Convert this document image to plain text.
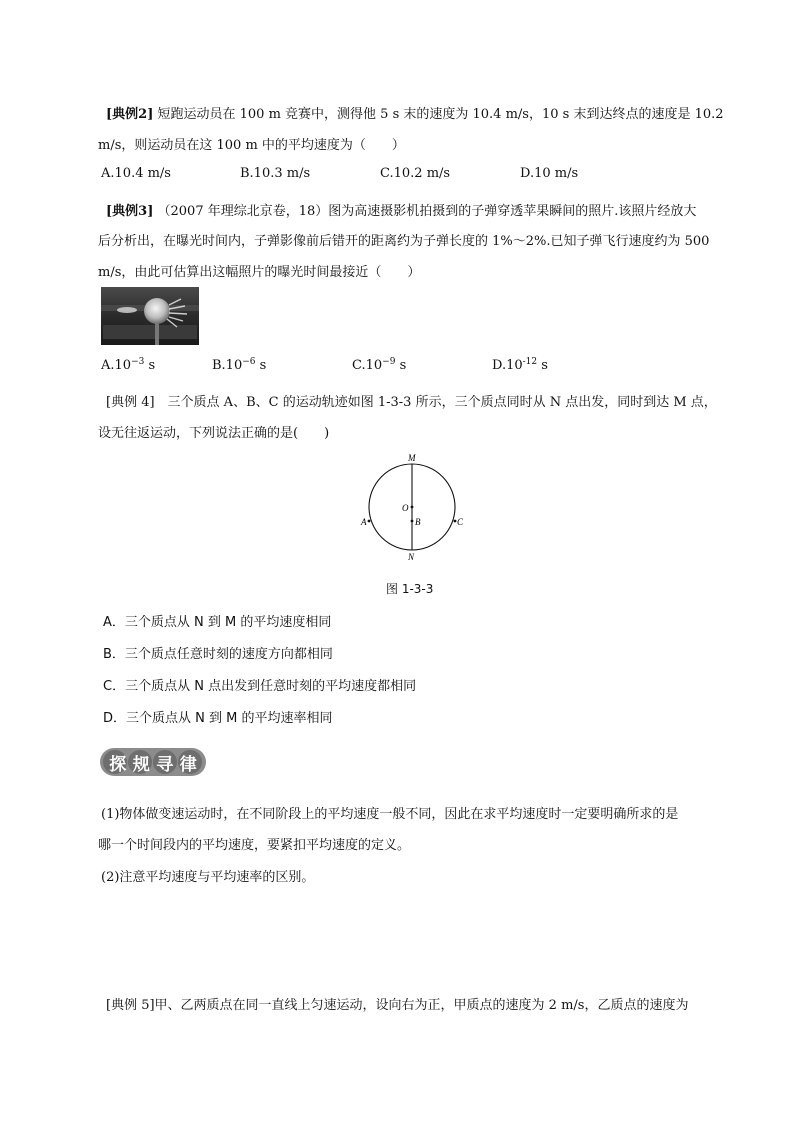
[典例2] 短跑运动员在 100 m 竞赛中，测得他 5 s 末的速度为 10.4 m/s，10 s 末到达终点的速度是 10.2
m/s，则运动员在这 100 m 中的平均速度为（　　）
A.10.4 m/s	B.10.3 m/s	C.10.2 m/s	D.10 m/s
[典例3] （2007 年理综北京卷，18）图为高速摄影机拍摄到的子弹穿透苹果瞬间的照片.该照片经放大
后分析出，在曝光时间内，子弹影像前后错开的距离约为子弹长度的 1%～2%.已知子弹飞行速度约为 500
m/s，由此可估算出这幅照片的曝光时间最接近（　　）
$A.10^{-3}$ s	$B.10^{-6}$ s	$C.10^{-9}$ s	$D.10^{-12}$ s
[典例 4]　三个质点 A、B、C 的运动轨迹如图 1-3-3 所示，三个质点同时从 N 点出发，同时到达 M 点，
设无往返运动，下列说法正确的是(　　)
M
N
O
B
A	C
图 1-3-3
A．三个质点从 N 到 M 的平均速度相同
B．三个质点任意时刻的速度方向都相同
C．三个质点从 N 点出发到任意时刻的平均速度都相同
D．三个质点从 N 到 M 的平均速率相同
探 规 寻 律
(1)物体做变速运动时，在不同阶段上的平均速度一般不同，因此在求平均速度时一定要明确所求的是
哪一个时间段内的平均速度，要紧扣平均速度的定义。
(2)注意平均速度与平均速率的区别。
[典例 5]甲、乙两质点在同一直线上匀速运动，设向右为正，甲质点的速度为 2 m/s，乙质点的速度为
